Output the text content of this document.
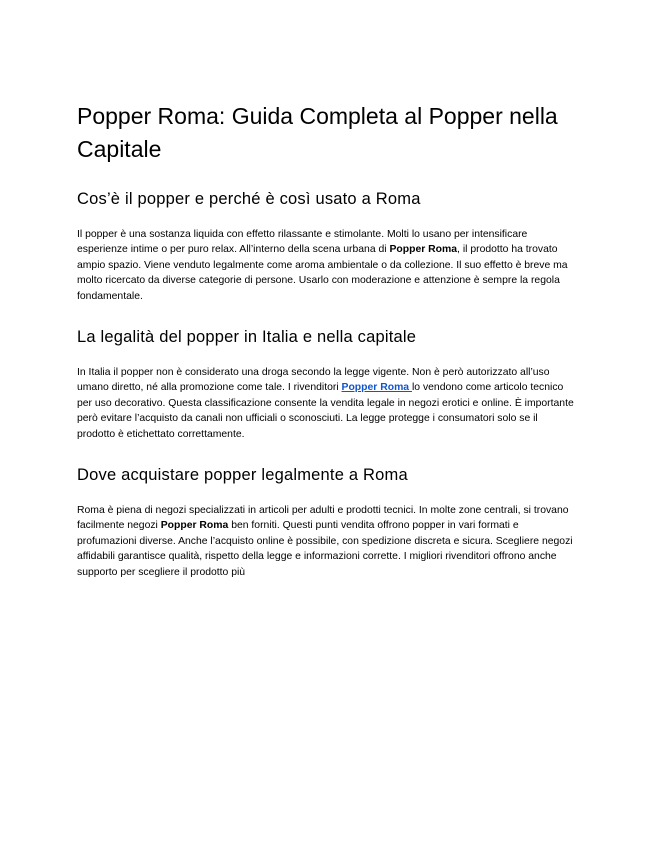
Popper Roma: Guida Completa al Popper nella Capitale
Cos’è il popper e perché è così usato a Roma

Il popper è una sostanza liquida con effetto rilassante e stimolante. Molti lo usano per intensificare esperienze intime o per puro relax. All’interno della scena urbana di Popper Roma, il prodotto ha trovato ampio spazio. Viene venduto legalmente come aroma ambientale o da collezione. Il suo effetto è breve ma molto ricercato da diverse categorie di persone. Usarlo con moderazione e attenzione è sempre la regola fondamentale.

La legalità del popper in Italia e nella capitale

In Italia il popper non è considerato una droga secondo la legge vigente. Non è però autorizzato all’uso umano diretto, né alla promozione come tale. I rivenditori Popper Roma lo vendono come articolo tecnico per uso decorativo. Questa classificazione consente la vendita legale in negozi erotici e online. È importante però evitare l’acquisto da canali non ufficiali o sconosciuti. La legge protegge i consumatori solo se il prodotto è etichettato correttamente.

Dove acquistare popper legalmente a Roma

Roma è piena di negozi specializzati in articoli per adulti e prodotti tecnici. In molte zone centrali, si trovano facilmente negozi Popper Roma ben forniti. Questi punti vendita offrono popper in vari formati e profumazioni diverse. Anche l’acquisto online è possibile, con spedizione discreta e sicura. Scegliere negozi affidabili garantisce qualità, rispetto della legge e informazioni corrette. I migliori rivenditori offrono anche supporto per scegliere il prodotto più
